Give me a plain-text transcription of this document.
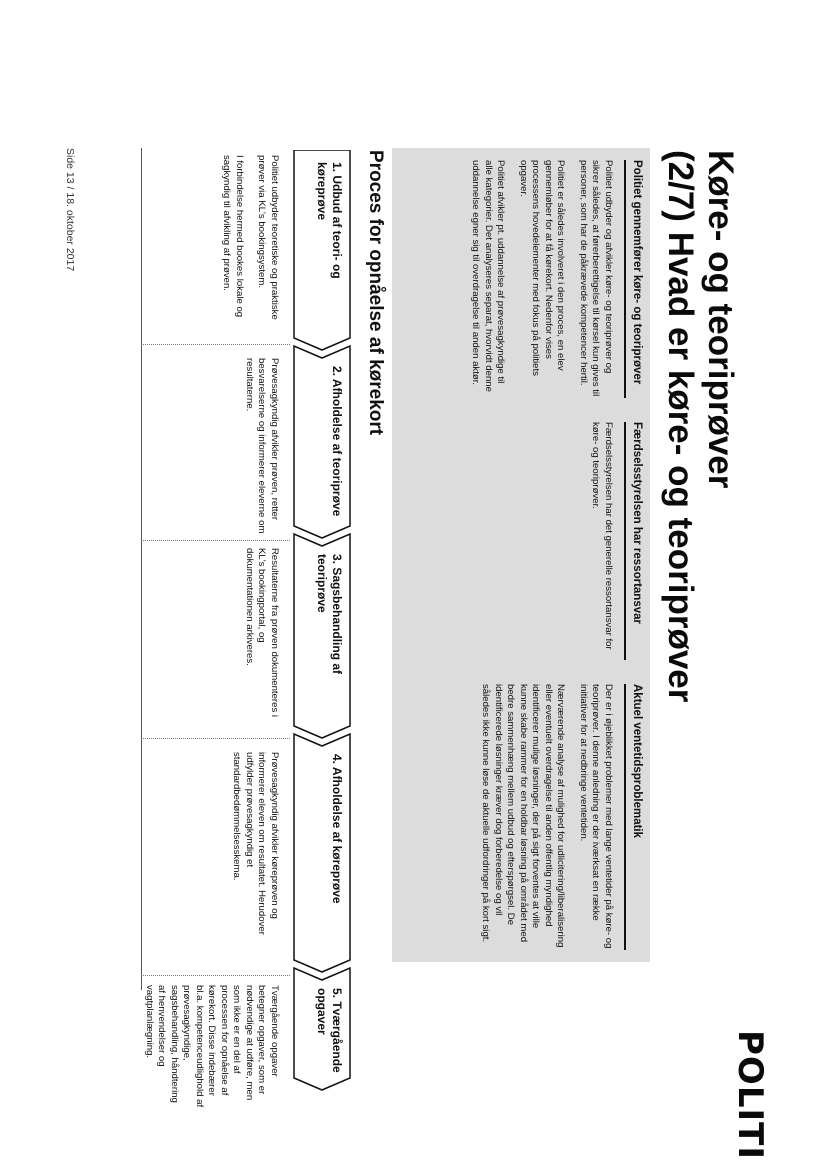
Køre- og teoriprøver
(2/7) Hvad er køre- og teoriprøver
POLITI
Politiet gennemfører køre- og teoriprøver

Politiet udbyder og afvikler køre- og teoriprøver og sikrer således, at førerberettigelse til kørsel kun gives til personer, som har de påkrævede kompetencer hertil.

Politiet er således involveret i den proces, en elev gennemløber for at få kørekort. Nedenfor vises processens hovedelementer med fokus på politiets opgaver.

Politiet afvikler pt. uddannelse af prøvesagkyndige til alle kategorier. Det analyseres separat, hvorvidt denne uddannelse egner sig til overdragelse til anden aktør.

Færdselsstyrelsen har ressortansvar

Færdselsstyrelsen har det generelle ressortansvar for køre- og teoriprøver.

Aktuel ventetidsproblematik

Der er i øjeblikket problemer med lange ventetider på køre- og teoriprøver. I denne anledning er der iværksat en række initiativer for at nedbringe ventetiden.

Nærværende analyse af mulighed for udlicitering/liberalisering eller eventuelt overdragelse til anden offentlig myndighed identificerer mulige løsninger, der på sigt forventes at ville kunne skabe rammer for en holdbar løsning på området med bedre sammenhæng mellem udbud og efterspørgsel. De identificerede løsninger kræver dog forberedelse og vil således ikke kunne løse de aktuelle udfordringer på kort sigt.

Proces for opnåelse af kørekort
1. Udbud af teori- og køreprøve
2. Afholdelse af teoriprøve
3. Sagsbehandling af teoriprøve
4. Afholdelse af køreprøve
5. Tværgående opgaver

Politiet udbyder teoretiske og praktiske prøver via KL's bookingsystem.

I forbindelse hermed bookes lokale og sagkyndig til afvikling af prøven.

Prøvesagkyndig afvikler prøven, retter besvarelserne og informerer eleverne om resultaterne.

Resultaterne fra prøven dokumenteres i KL's bookingportal, og dokumentationen arkiveres.

Prøvesagkyndig afvikler køreprøven og informerer eleven om resultatet. Herudover udfylder prøvesagkyndig et standardbedømmelsesskema.

Tværgående opgaver betegner opgaver, som er nødvendige at udføre, men som ikke er en del af processen for opnåelse af kørekort. Disse indebærer bl.a. kompetenceudlighold af prøvesagkyndige, sagsbehandling, håndtering af henvendelser og vagtplanlægning.

Side 13 / 18. oktober 2017
